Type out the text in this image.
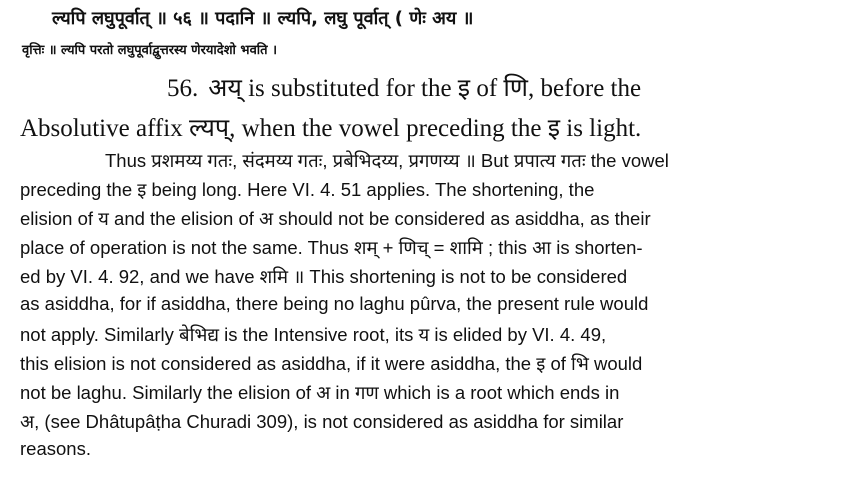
ल्यपि लघुपूर्वात् ॥ ५६ ॥ पदानि ॥ ल्यपि, लघु पूर्वात् ( णेः अय ॥
वृत्तिः ॥ ल्यपि परतो लघुपूर्वाद्वुत्तरस्य णेरयादेशो भवति ।
56. अय् is substituted for the इ of णि, before the
Absolutive affix ल्यप्, when the vowel preceding the इ is light.
Thus प्रशमय्य गतः, संदमय्य गतः, प्रबेभिदय्य, प्रगणय्य ॥ But प्रपात्य गतः the vowel
preceding the इ being long. Here VI. 4. 51 applies. The shortening, the
elision of य and the elision of अ should not be considered as asiddha, as their
place of operation is not the same. Thus शम् + णिच् = शामि ; this आ is shorten-
ed by VI. 4. 92, and we have शमि ॥ This shortening is not to be considered
as asiddha, for if asiddha, there being no laghu pûrva, the present rule would
not apply. Similarly बेभिद्य is the Intensive root, its य is elided by VI. 4. 49,
this elision is not considered as asiddha, if it were asiddha, the इ of भि would
not be laghu. Similarly the elision of अ in गण which is a root which ends in
अ, (see Dhâtupâṭha Churadi 309), is not considered as asiddha for similar
reasons.
